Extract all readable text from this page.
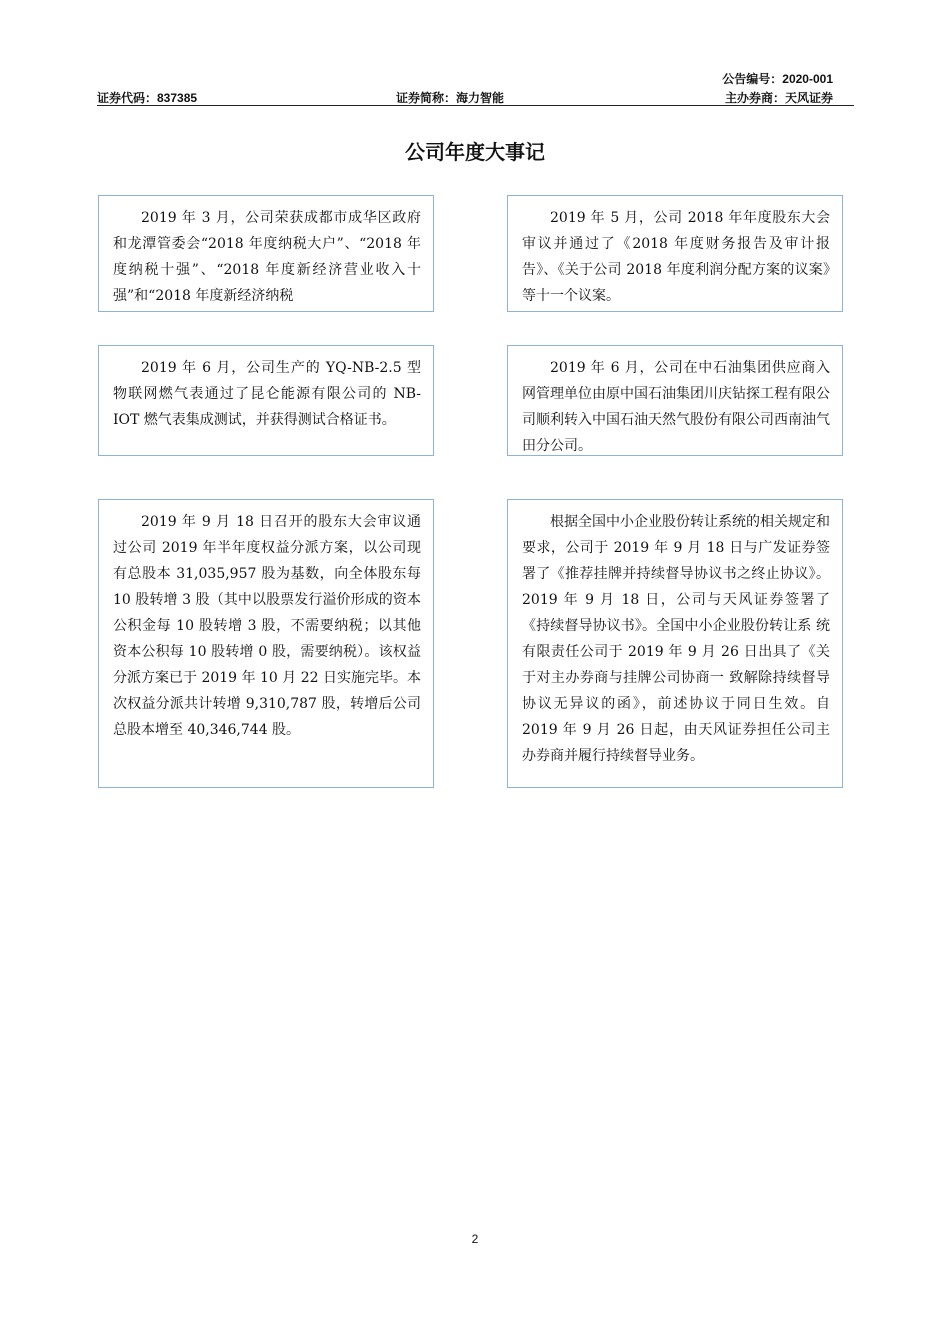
公告编号：2020-001
证券代码：837385	证券简称：海力智能	主办券商：天风证券
公司年度大事记
2019 年 3 月，公司荣获成都市成华区政府和龙潭管委会“2018 年度纳税大户”、“2018 年度纳税十强”、“2018 年度新经济营业收入十强”和“2018 年度新经济纳税
2019 年 5 月，公司 2018 年年度股东大会审议并通过了《2018 年度财务报告及审计报告》、《关于公司 2018 年度利润分配方案的议案》等十一个议案。
2019 年 6 月，公司生产的 YQ-NB-2.5 型物联网燃气表通过了昆仑能源有限公司的 NB-IOT 燃气表集成测试，并获得测试合格证书。
2019 年 6 月，公司在中石油集团供应商入网管理单位由原中国石油集团川庆钻探工程有限公司顺利转入中国石油天然气股份有限公司西南油气田分公司。
2019 年 9 月 18 日召开的股东大会审议通过公司 2019 年半年度权益分派方案，以公司现有总股本 31,035,957 股为基数，向全体股东每 10 股转增 3 股（其中以股票发行溢价形成的资本公积金每 10 股转增 3 股，不需要纳税；以其他资本公积每 10 股转增 0 股，需要纳税）。该权益分派方案已于 2019 年 10 月 22 日实施完毕。本次权益分派共计转增 9,310,787 股，转增后公司总股本增至 40,346,744 股。
根据全国中小企业股份转让系统的相关规定和要求，公司于 2019 年 9 月 18 日与广发证券签署了《推荐挂牌并持续督导协议书之终止协议》。2019 年 9 月 18 日，公司与天风证券签署了《持续督导协议书》。全国中小企业股份转让系 统有限责任公司于 2019 年 9 月 26 日出具了《关于对主办券商与挂牌公司协商一 致解除持续督导协议无异议的函》，前述协议于同日生效。自 2019 年 9 月 26 日起，由天风证券担任公司主办券商并履行持续督导业务。
2
